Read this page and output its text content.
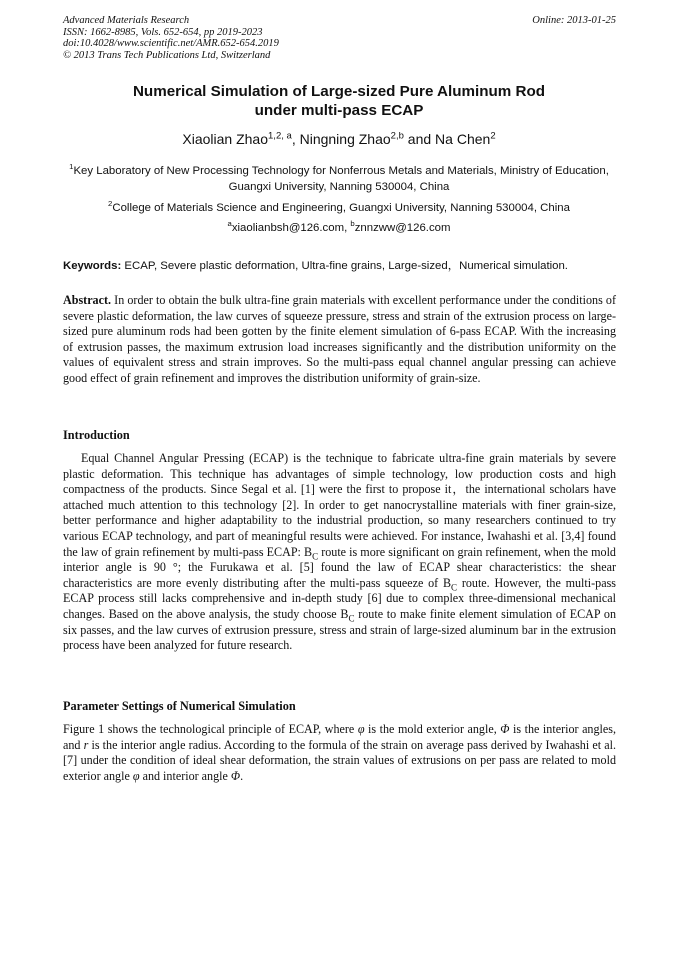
Advanced Materials Research
ISSN: 1662-8985, Vols. 652-654, pp 2019-2023
doi:10.4028/www.scientific.net/AMR.652-654.2019
© 2013 Trans Tech Publications Ltd, Switzerland
Online: 2013-01-25
Numerical Simulation of Large-sized Pure Aluminum Rod
under multi-pass ECAP
Xiaolian Zhao$^{1,2, a}$, Ningning Zhao$^{2,b}$ and Na Chen$^2$
$^1$Key Laboratory of New Processing Technology for Nonferrous Metals and Materials, Ministry of Education, Guangxi University, Nanning 530004, China
$^2$College of Materials Science and Engineering, Guangxi University, Nanning 530004, China
$^a$xiaolianbsh@126.com, $^b$znnzww@126.com
Keywords: ECAP, Severe plastic deformation, Ultra-fine grains, Large-sized，Numerical simulation.

Abstract. In order to obtain the bulk ultra-fine grain materials with excellent performance under the conditions of severe plastic deformation, the law curves of squeeze pressure, stress and strain of the extrusion process on large-sized pure aluminum rods had been gotten by the finite element simulation of 6-pass ECAP. With the increasing of extrusion passes, the maximum extrusion load increases significantly and the distribution uniformity on the values of equivalent stress and strain improves. So the multi-pass equal channel angular pressing can achieve good effect of grain refinement and improves the distribution uniformity of grain-size.

Introduction

Equal Channel Angular Pressing (ECAP) is the technique to fabricate ultra-fine grain materials by severe plastic deformation. This technique has advantages of simple technology, low production costs and high compactness of the products. Since Segal et al. [1] were the first to propose it，the international scholars have attached much attention to this technology [2]. In order to get nanocrystalline materials with finer grain-size, better performance and higher adaptability to the industrial production, so many researchers continued to try various ECAP technology, and part of meaningful results were achieved. For instance, Iwahashi et al. [3,4] found the law of grain refinement by multi-pass ECAP: $B_C$ route is more significant on grain refinement, when the mold interior angle is 90 °; the Furukawa et al. [5] found the law of ECAP shear characteristics: the shear characteristics are more evenly distributing after the multi-pass squeeze of $B_C$ route. However, the multi-pass ECAP process still lacks comprehensive and in-depth study [6] due to complex three-dimensional mechanical changes. Based on the above analysis, the study choose $B_C$ route to make finite element simulation of ECAP on six passes, and the law curves of extrusion pressure, stress and strain of large-sized aluminum bar in the extrusion process have been analyzed for future research.

Parameter Settings of Numerical Simulation

Figure 1 shows the technological principle of ECAP, where φ is the mold exterior angle, Φ is the interior angles, and r is the interior angle radius. According to the formula of the strain on average pass derived by Iwahashi et al. [7] under the condition of ideal shear deformation, the strain values of extrusions on per pass are related to mold exterior angle φ and interior angle Φ.
